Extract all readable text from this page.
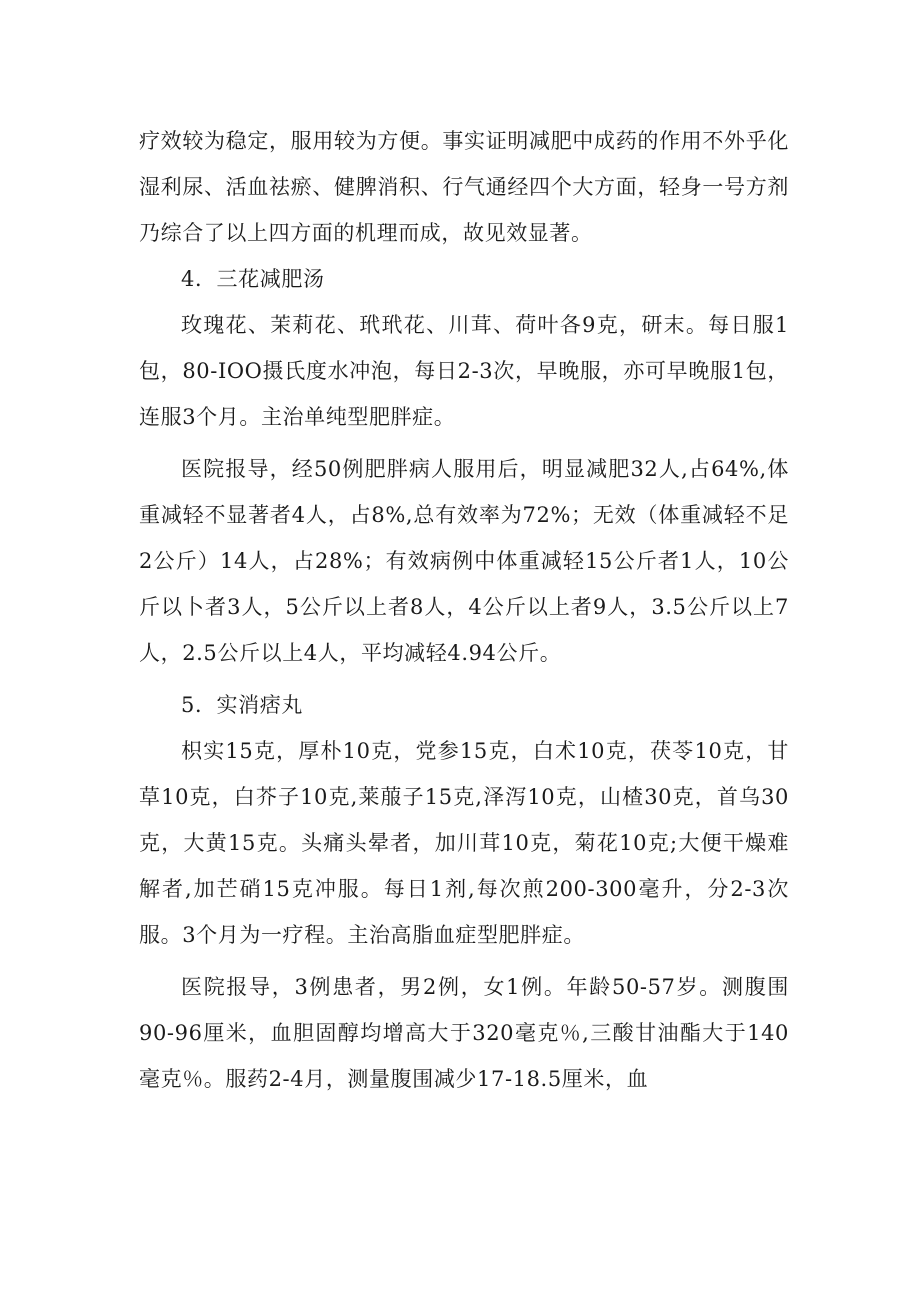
疗效较为稳定，服用较为方便。事实证明减肥中成药的作用不外乎化湿利尿、活血祛瘀、健脾消积、行气通经四个大方面，轻身一号方剂乃综合了以上四方面的机理而成，故见效显著。

4．三花减肥汤

玫瑰花、茉莉花、玳玳花、川茸、荷叶各9克，研末。每日服1包，80-IOO摄氏度水冲泡，每日2-3次，早晚服，亦可早晚服1包，连服3个月。主治单纯型肥胖症。

医院报导，经50例肥胖病人服用后，明显减肥32人,占64%,体重减轻不显著者4人，占8%,总有效率为72%；无效（体重减轻不足2公斤）14人，占28%；有效病例中体重减轻15公斤者1人，10公斤以卜者3人，5公斤以上者8人，4公斤以上者9人，3.5公斤以上7人，2.5公斤以上4人，平均减轻4.94公斤。

5．实消痞丸

枳实15克，厚朴10克，党参15克，白术10克，茯苓10克，甘草10克，白芥子10克,莱菔子15克,泽泻10克，山楂30克，首乌30克，大黄15克。头痛头晕者，加川茸10克，菊花10克;大便干燥难解者,加芒硝15克冲服。每日1剂,每次煎200-300毫升，分2-3次服。3个月为一疗程。主治高脂血症型肥胖症。

医院报导，3例患者，男2例，女1例。年龄50-57岁。测腹围90-96厘米，血胆固醇均增高大于320毫克％,三酸甘油酯大于140毫克％。服药2-4月，测量腹围减少17-18.5厘米，血
